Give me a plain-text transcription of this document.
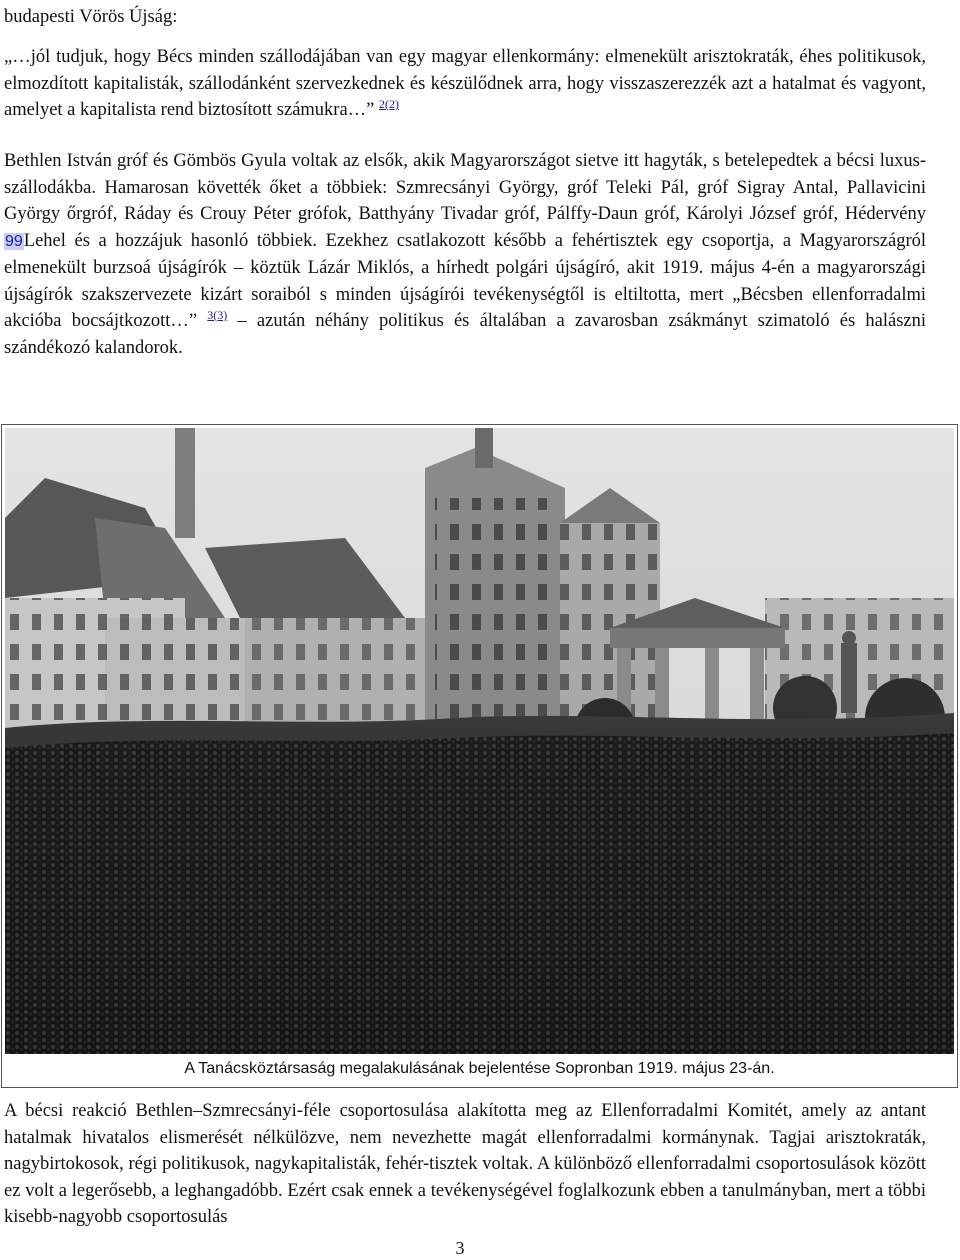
budapesti Vörös Újság:

„…jól tudjuk, hogy Bécs minden szállodájában van egy magyar ellenkormány: elmenekült arisztokraták, éhes politikusok, elmozdított kapitalisták, szállodánként szervezkednek és készülődnek arra, hogy visszaszerezzék azt a hatalmat és vagyont, amelyet a kapitalista rend biztosított számukra…” $^{2(2)}$

Bethlen István gróf és Gömbös Gyula voltak az elsők, akik Magyarországot sietve itt hagyták, s betelepedtek a bécsi luxus-szállodákba. Hamarosan követték őket a többiek: Szmrecsányi György, gróf Teleki Pál, gróf Sigray Antal, Pallavicini György őrgróf, Ráday és Crouy Péter grófok, Batthyány Tivadar gróf, Pálffy-Daun gróf, Károlyi József gróf, Hédervény 99Lehel és a hozzájuk hasonló többiek. Ezekhez csatlakozott később a fehértisztek egy csoportja, a Magyarországról elmenekült burzsoá újságírók – köztük Lázár Miklós, a hírhedt polgári újságíró, akit 1919. május 4-én a magyarországi újságírók szakszervezete kizárt soraiból s minden újságírói tevékenységtől is eltiltotta, mert „Bécsben ellenforradalmi akcióba bocsájtkozott…” $^{3(3)}$ – azután néhány politikus és általában a zavarosban zsákmányt szimatoló és halászni szándékozó kalandorok.

A Tanácsköztársaság megalakulásának bejelentése Sopronban 1919. május 23-án.

A bécsi reakció Bethlen–Szmrecsányi-féle csoportosulása alakította meg az Ellenforradalmi Komitét, amely az antant hatalmak hivatalos elismerését nélkülözve, nem nevezhette magát ellenforradalmi kormánynak. Tagjai arisztokraták, nagybirtokosok, régi politikusok, nagykapitalisták, fehér-tisztek voltak. A különböző ellenforradalmi csoportosulások között ez volt a legerősebb, a leghangadóbb. Ezért csak ennek a tevékenységével foglalkozunk ebben a tanulmányban, mert a többi kisebb-nagyobb csoportosulás

3
